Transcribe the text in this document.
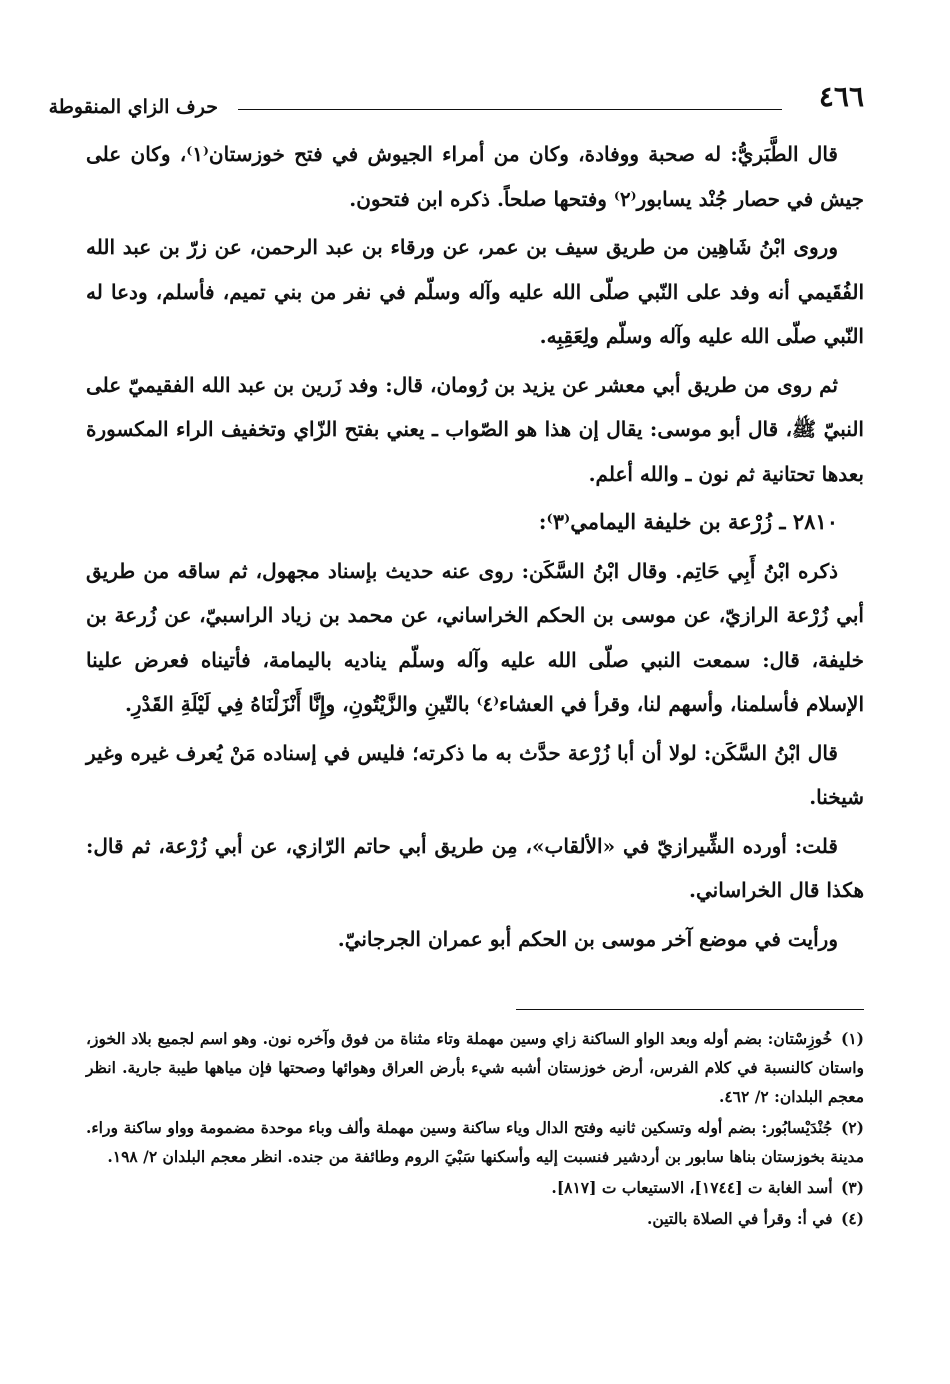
٤٦٦
حرف الزاي المنقوطة

قال الطَّبَريُّ: له صحبة ووفادة، وكان من أمراء الجيوش في فتح خوزستان⁽١⁾، وكان على جيش في حصار جُنْد يسابور⁽٢⁾ وفتحها صلحاً. ذكره ابن فتحون.

وروى ابْنُ شَاهِين من طريق سيف بن عمر، عن ورقاء بن عبد الرحمن، عن زرّ بن عبد الله الفُقَيمي أنه وفد على النّبي صلّى الله عليه وآله وسلّم في نفر من بني تميم، فأسلم، ودعا له النّبي صلّى الله عليه وآله وسلّم ولِعَقِبِه.

ثم روى من طريق أبي معشر عن يزيد بن رُومان، قال: وفد زَرين بن عبد الله الفقيميّ على النبيّ ﷺ، قال أبو موسى: يقال إن هذا هو الصّواب ـ يعني بفتح الزّاي وتخفيف الراء المكسورة بعدها تحتانية ثم نون ـ والله أعلم.

٢٨١٠ ـ زُرْعة بن خليفة اليمامي⁽٣⁾:

ذكره ابْنُ أَبِي حَاتِم. وقال ابْنُ السَّكَن: روى عنه حديث بإسناد مجهول، ثم ساقه من طريق أبي زُرْعة الرازيّ، عن موسى بن الحكم الخراساني، عن محمد بن زياد الراسبيّ، عن زُرعة بن خليفة، قال: سمعت النبي صلّى الله عليه وآله وسلّم يناديه باليمامة، فأتيناه فعرض علينا الإسلام فأسلمنا، وأسهم لنا، وقرأ في العشاء⁽٤⁾ بالتّينِ والزَّيْتُونِ، وإِنَّا أَنْزَلْنَاهُ فِي لَيْلَةِ القَدْرِ.

قال ابْنُ السَّكَن: لولا أن أبا زُرْعة حدَّث به ما ذكرته؛ فليس في إسناده مَنْ يُعرف غيره وغير شيخنا.

قلت: أورده الشِّيرازيّ في «الألقاب»، مِن طريق أبي حاتم الرّازي، عن أبي زُرْعة، ثم قال: هكذا قال الخراساني.

ورأيت في موضع آخر موسى بن الحكم أبو عمران الجرجانيّ.

(١) خُوزِسْتان: بضم أوله وبعد الواو الساكنة زاي وسين مهملة وتاء مثناة من فوق وآخره نون. وهو اسم لجميع بلاد الخوز، واستان كالنسبة في كلام الفرس، أرض خوزستان أشبه شيء بأرض العراق وهوائها وصحتها فإن مياهها طيبة جارية. انظر معجم البلدان: ٢/ ٤٦٢.

(٢) جُنْدَيْسابُور: بضم أوله وتسكين ثانيه وفتح الدال وياء ساكنة وسين مهملة وألف وباء موحدة مضمومة وواو ساكنة وراء. مدينة بخوزستان بناها سابور بن أردشير فنسبت إليه وأسكنها سَبْيَ الروم وطائفة من جنده. انظر معجم البلدان ٢/ ١٩٨.

(٣) أسد الغابة ت [١٧٤٤]، الاستيعاب ت [٨١٧].

(٤) في أ: وقرأ في الصلاة بالتين.
